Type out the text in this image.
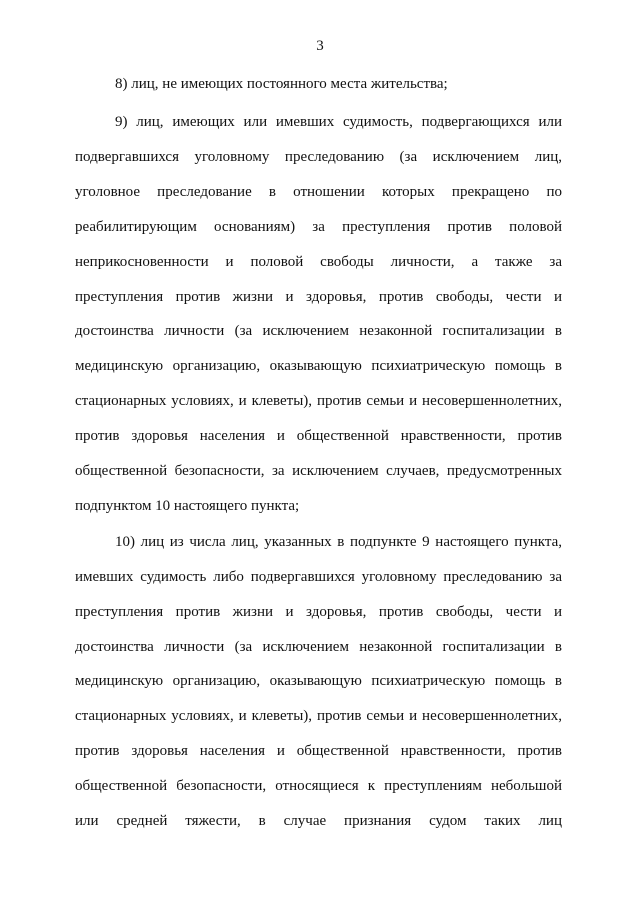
3
8) лиц, не имеющих постоянного места жительства;
9) лиц, имеющих или имевших судимость, подвергающихся или
подвергавшихся уголовному преследованию (за исключением лиц,
уголовное преследование в отношении которых прекращено по
реабилитирующим основаниям) за преступления против половой
неприкосновенности и половой свободы личности, а также за
преступления против жизни и здоровья, против свободы, чести и
достоинства личности (за исключением незаконной госпитализации в
медицинскую организацию, оказывающую психиатрическую помощь в
стационарных условиях, и клеветы), против семьи и несовершеннолетних,
против здоровья населения и общественной нравственности, против
общественной безопасности, за исключением случаев, предусмотренных
подпунктом 10 настоящего пункта;
10) лиц из числа лиц, указанных в подпункте 9 настоящего пункта,
имевших судимость либо подвергавшихся уголовному преследованию за
преступления против жизни и здоровья, против свободы, чести и
достоинства личности (за исключением незаконной госпитализации в
медицинскую организацию, оказывающую психиатрическую помощь в
стационарных условиях, и клеветы), против семьи и несовершеннолетних,
против здоровья населения и общественной нравственности, против
общественной безопасности, относящиеся к преступлениям небольшой
или средней тяжести, в случае признания судом таких лиц
